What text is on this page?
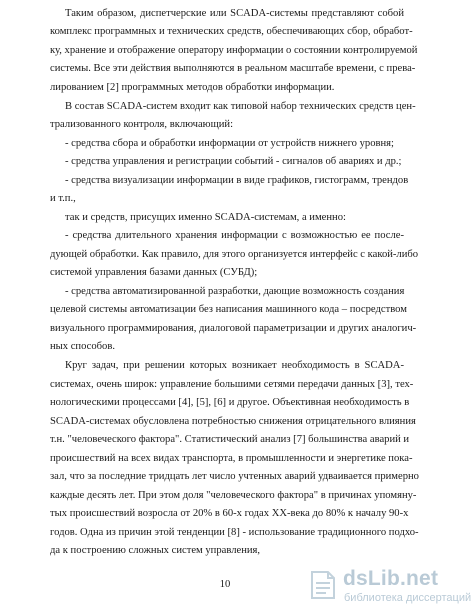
Таким образом, диспетчерские или SCADA-системы представляют собой
комплекс программных и технических средств, обеспечивающих сбор, обработ-
ку, хранение и отображение оператору информации о состоянии контролируемой
системы. Все эти действия выполняются в реальном масштабе времени, с прева-
лированием [2] программных методов обработки информации.
В состав SCADA-систем входит как типовой набор технических средств цен-
трализованного контроля, включающий:
- средства сбора и обработки информации от устройств нижнего уровня;
- средства управления и регистрации событий - сигналов об авариях и др.;
- средства визуализации информации в виде графиков, гистограмм, трендов
и т.п.,
так и средств, присущих именно SCADA-системам, а именно:
- средства длительного хранения информации с возможностью ее после-
дующей обработки. Как правило, для этого организуется интерфейс с какой-либо
системой управления базами данных (СУБД);
- средства автоматизированной разработки, дающие возможность создания
целевой системы автоматизации без написания машинного кода – посредством
визуального программирования, диалоговой параметризации и других аналогич-
ных способов.
Круг задач, при решении которых возникает необходимость в SCADA-
системах, очень широк: управление большими сетями передачи данных [3], тех-
нологическими процессами [4], [5], [6] и другое. Объективная необходимость в
SCADA-системах обусловлена потребностью снижения отрицательного влияния
т.н. "человеческого фактора". Статистический анализ [7] большинства аварий и
происшествий на всех видах транспорта, в промышленности и энергетике пока-
зал, что за последние тридцать лет число учтенных аварий удваивается примерно
каждые десять лет. При этом доля "человеческого фактора" в причинах упомяну-
тых происшествий возросла от 20% в 60-х годах XX-века до 80% к началу 90-х
годов. Одна из причин этой тенденции [8] - использование традиционного подхо-
да к построению сложных систем управления,
10	dsLib.net
библиотека диссертаций
